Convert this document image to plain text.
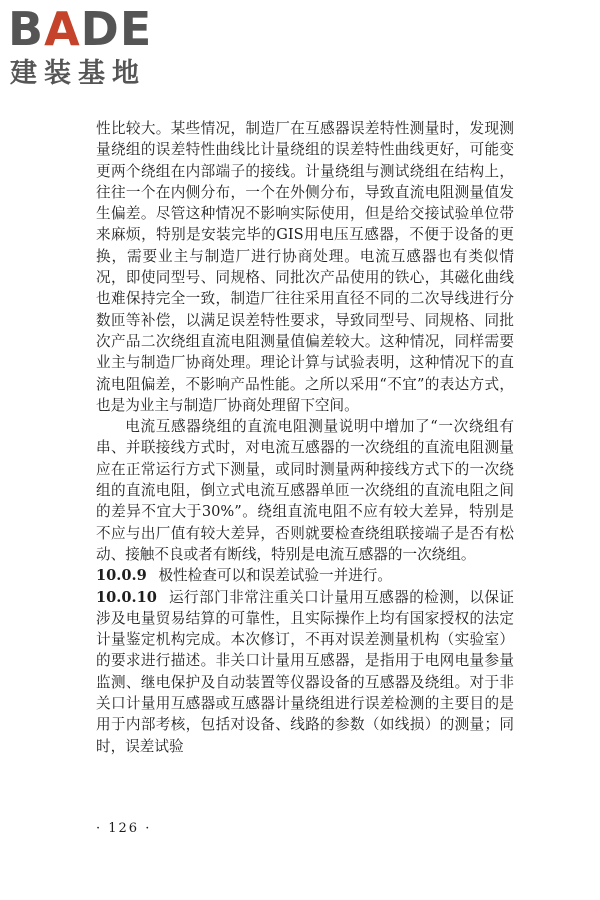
BADE
建装基地

性比较大。某些情况，制造厂在互感器误差特性测量时，发现测量绕组的误差特性曲线比计量绕组的误差特性曲线更好，可能变更两个绕组在内部端子的接线。计量绕组与测试绕组在结构上，往往一个在内侧分布，一个在外侧分布，导致直流电阻测量值发生偏差。尽管这种情况不影响实际使用，但是给交接试验单位带来麻烦，特别是安装完毕的GIS用电压互感器，不便于设备的更换，需要业主与制造厂进行协商处理。电流互感器也有类似情况，即使同型号、同规格、同批次产品使用的铁心，其磁化曲线也难保持完全一致，制造厂往往采用直径不同的二次导线进行分数匝等补偿，以满足误差特性要求，导致同型号、同规格、同批次产品二次绕组直流电阻测量值偏差较大。这种情况，同样需要业主与制造厂协商处理。理论计算与试验表明，这种情况下的直流电阻偏差，不影响产品性能。之所以采用“不宜”的表达方式，也是为业主与制造厂协商处理留下空间。

电流互感器绕组的直流电阻测量说明中增加了“一次绕组有串、并联接线方式时，对电流互感器的一次绕组的直流电阻测量应在正常运行方式下测量，或同时测量两种接线方式下的一次绕组的直流电阻，倒立式电流互感器单匝一次绕组的直流电阻之间的差异不宜大于30%”。绕组直流电阻不应有较大差异，特别是不应与出厂值有较大差异，否则就要检查绕组联接端子是否有松动、接触不良或者有断线，特别是电流互感器的一次绕组。

10.0.9 极性检查可以和误差试验一并进行。

10.0.10 运行部门非常注重关口计量用互感器的检测，以保证涉及电量贸易结算的可靠性，且实际操作上均有国家授权的法定计量鉴定机构完成。本次修订，不再对误差测量机构（实验室）的要求进行描述。非关口计量用互感器，是指用于电网电量参量监测、继电保护及自动装置等仪器设备的互感器及绕组。对于非关口计量用互感器或互感器计量绕组进行误差检测的主要目的是用于内部考核，包括对设备、线路的参数（如线损）的测量；同时，误差试验

· 126 ·
